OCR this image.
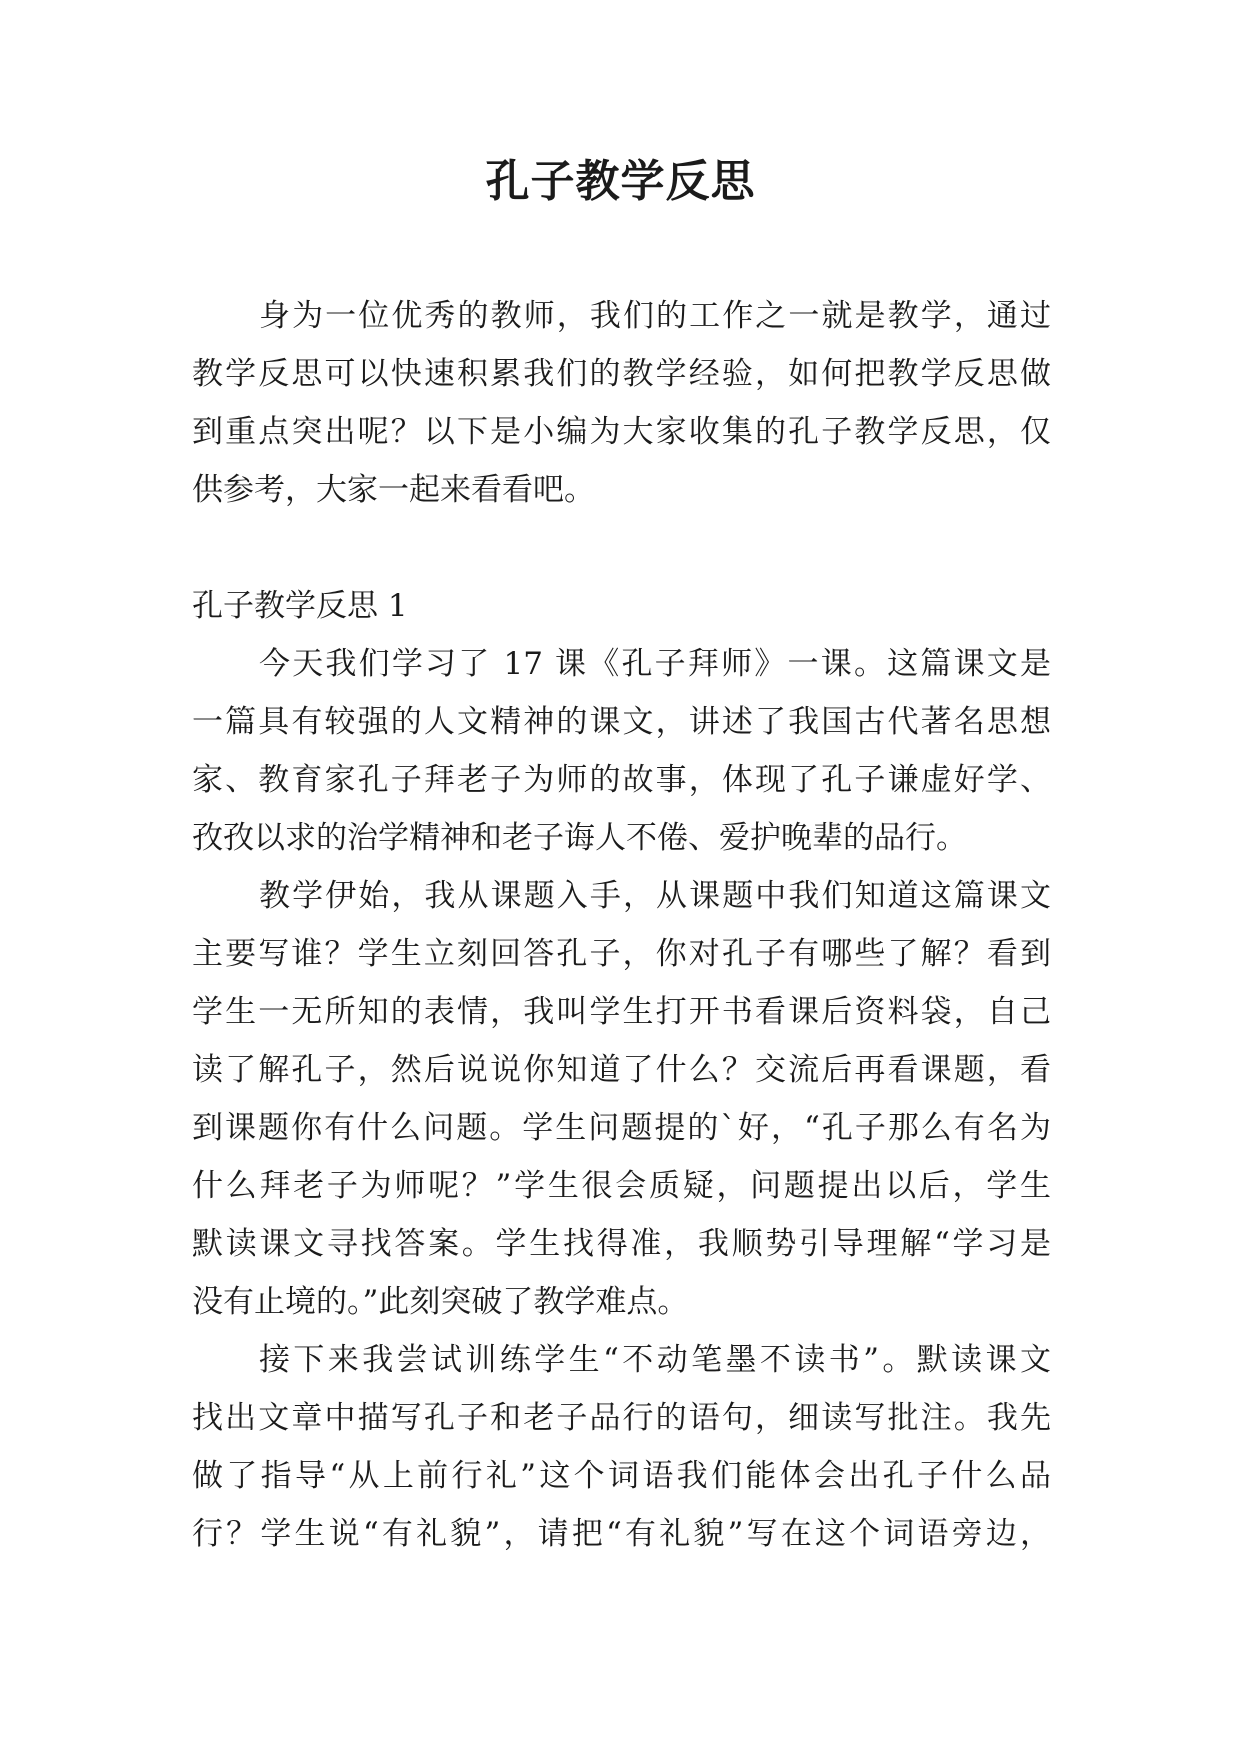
孔子教学反思
身为一位优秀的教师，我们的工作之一就是教学，通过
教学反思可以快速积累我们的教学经验，如何把教学反思做
到重点突出呢？以下是小编为大家收集的孔子教学反思，仅
供参考，大家一起来看看吧。
孔子教学反思 1
今天我们学习了 17 课《孔子拜师》一课。这篇课文是
一篇具有较强的人文精神的课文，讲述了我国古代著名思想
家、教育家孔子拜老子为师的故事，体现了孔子谦虚好学、
孜孜以求的治学精神和老子诲人不倦、爱护晚辈的品行。
教学伊始，我从课题入手，从课题中我们知道这篇课文
主要写谁？学生立刻回答孔子，你对孔子有哪些了解？看到
学生一无所知的表情，我叫学生打开书看课后资料袋，自己
读了解孔子，然后说说你知道了什么？交流后再看课题，看
到课题你有什么问题。学生问题提的`好，“孔子那么有名为
什么拜老子为师呢？”学生很会质疑，问题提出以后，学生
默读课文寻找答案。学生找得准，我顺势引导理解“学习是
没有止境的。”此刻突破了教学难点。
接下来我尝试训练学生“不动笔墨不读书”。默读课文
找出文章中描写孔子和老子品行的语句，细读写批注。我先
做了指导“从上前行礼”这个词语我们能体会出孔子什么品
行？学生说“有礼貌”，请把“有礼貌”写在这个词语旁边，
